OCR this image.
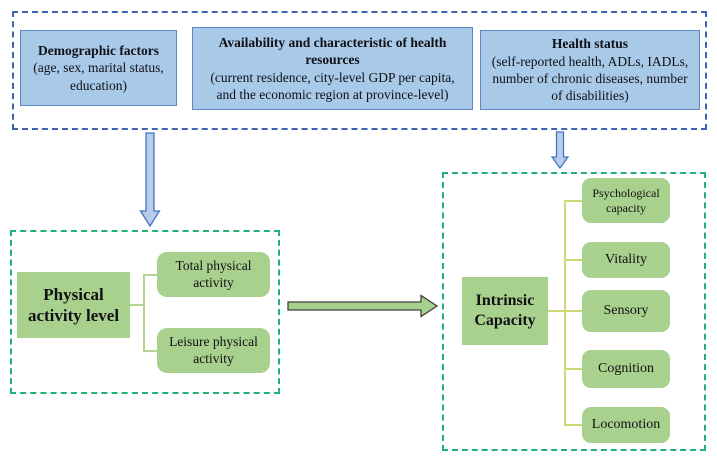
Demographic factors
(age, sex, marital status, education)
Availability and characteristic of health resources
(current residence, city-level GDP per capita, and the economic region at province-level)
Health status
(self-reported health, ADLs, IADLs, number of chronic diseases, number of disabilities)
Physical activity level
Total physical activity
Leisure physical activity
Intrinsic Capacity
Psychological capacity
Vitality
Sensory
Cognition
Locomotion
